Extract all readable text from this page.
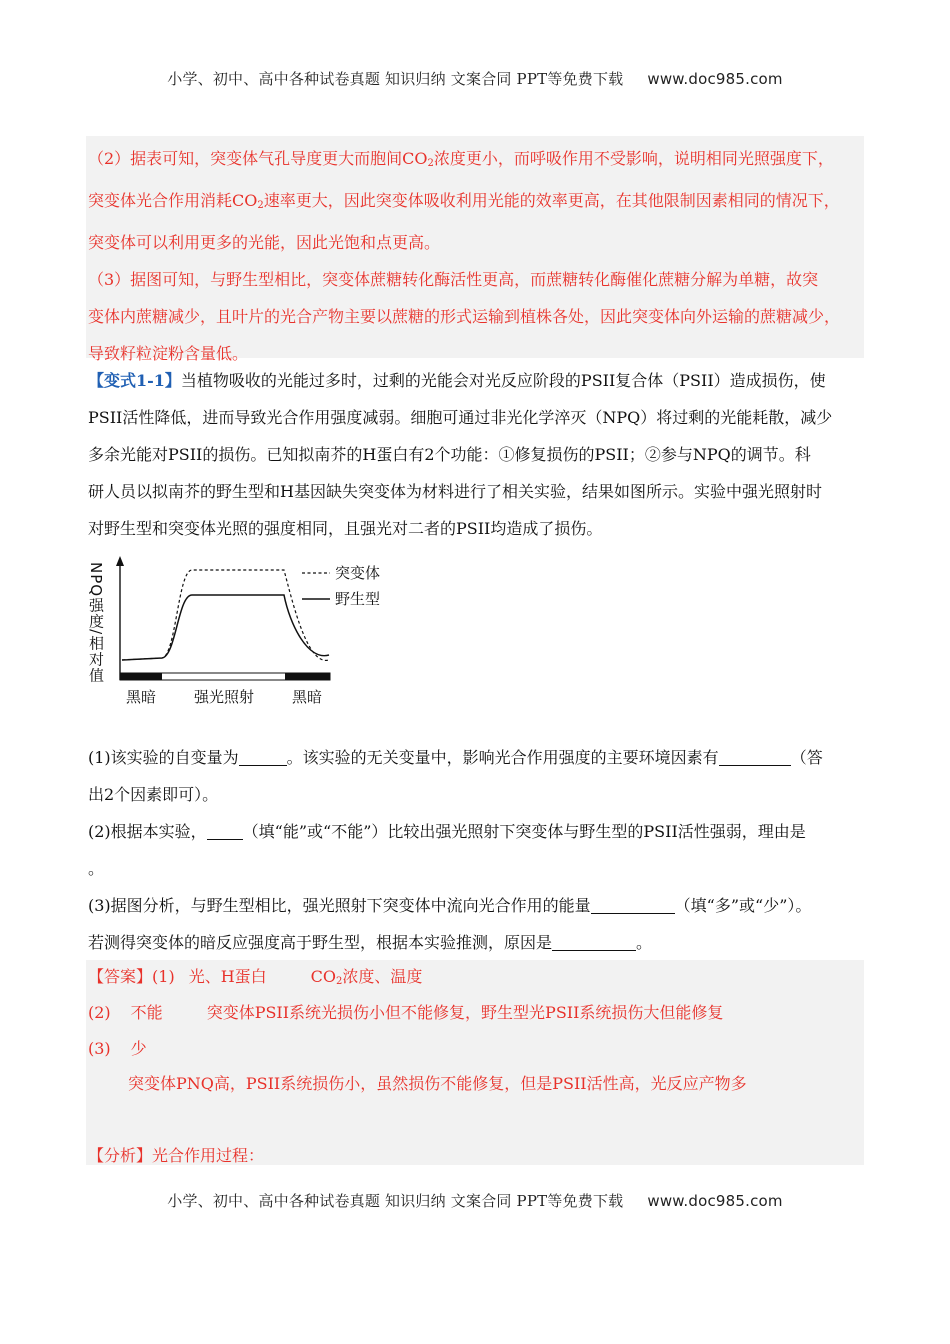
小学、初中、高中各种试卷真题 知识归纳 文案合同 PPT等免费下载 www.doc985.com

（2）据表可知，突变体气孔导度更大而胞间$CO_2$浓度更小，而呼吸作用不受影响，说明相同光照强度下，

突变体光合作用消耗$CO_2$速率更大，因此突变体吸收利用光能的效率更高，在其他限制因素相同的情况下，

突变体可以利用更多的光能，因此光饱和点更高。

（3）据图可知，与野生型相比，突变体蔗糖转化酶活性更高，而蔗糖转化酶催化蔗糖分解为单糖，故突

变体内蔗糖减少，且叶片的光合产物主要以蔗糖的形式运输到植株各处，因此突变体向外运输的蔗糖减少，

导致籽粒淀粉含量低。

【变式1-1】当植物吸收的光能过多时，过剩的光能会对光反应阶段的PSII复合体（PSII）造成损伤，使

PSII活性降低，进而导致光合作用强度减弱。细胞可通过非光化学淬灭（NPQ）将过剩的光能耗散，减少

多余光能对PSII的损伤。已知拟南芥的H蛋白有2个功能：①修复损伤的PSII；②参与NPQ的调节。科

研人员以拟南芥的野生型和H基因缺失突变体为材料进行了相关实验，结果如图所示。实验中强光照射时

对野生型和突变体光照的强度相同，且强光对二者的PSII均造成了损伤。

NPQ强度/相对值	突变体
野生型
黑暗	强光照射	黑暗

(1)该实验的自变量为	。该实验的无关变量中，影响光合作用强度的主要环境因素有	（答

出2个因素即可）。

(2)根据本实验， （填“能”或“不能”）比较出强光照射下突变体与野生型的PSII活性强弱，理由是

。

(3)据图分析，与野生型相比，强光照射下突变体中流向光合作用的能量	（填“多”或“少”）。

若测得突变体的暗反应强度高于野生型，根据本实验推测，原因是	。

【答案】(1) 光、H蛋白	$CO_2$浓度、温度
(2) 不能	突变体PSII系统光损伤小但不能修复，野生型光PSII系统损伤大但能修复
(3) 少
突变体PNQ高，PSII系统损伤小，虽然损伤不能修复，但是PSII活性高，光反应产物多
【分析】光合作用过程：
小学、初中、高中各种试卷真题 知识归纳 文案合同 PPT等免费下载 www.doc985.com
